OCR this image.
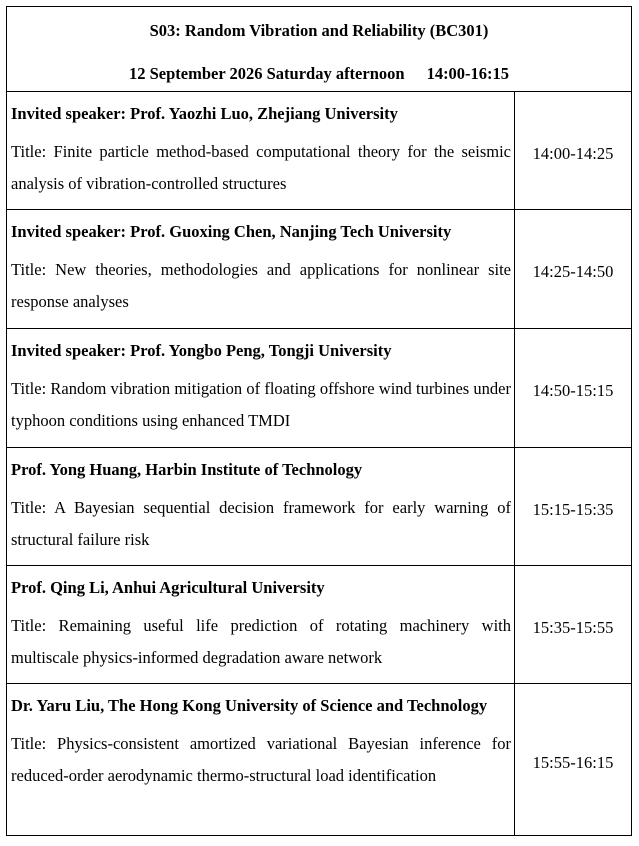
S03: Random Vibration and Reliability (BC301)
12 September 2026 Saturday afternoon 14:00-16:15
Invited speaker: Prof. Yaozhi Luo, Zhejiang University
Title: Finite particle method-based computational theory for the seismic analysis of vibration-controlled structures
14:00-14:25
Invited speaker: Prof. Guoxing Chen, Nanjing Tech University
Title: New theories, methodologies and applications for nonlinear site response analyses
14:25-14:50
Invited speaker: Prof. Yongbo Peng, Tongji University
Title: Random vibration mitigation of floating offshore wind turbines under typhoon conditions using enhanced TMDI
14:50-15:15
Prof. Yong Huang, Harbin Institute of Technology
Title: A Bayesian sequential decision framework for early warning of structural failure risk
15:15-15:35
Prof. Qing Li, Anhui Agricultural University
Title: Remaining useful life prediction of rotating machinery with multiscale physics-informed degradation aware network
15:35-15:55
Dr. Yaru Liu, The Hong Kong University of Science and Technology
Title: Physics-consistent amortized variational Bayesian inference for reduced-order aerodynamic thermo-structural load identification
15:55-16:15
